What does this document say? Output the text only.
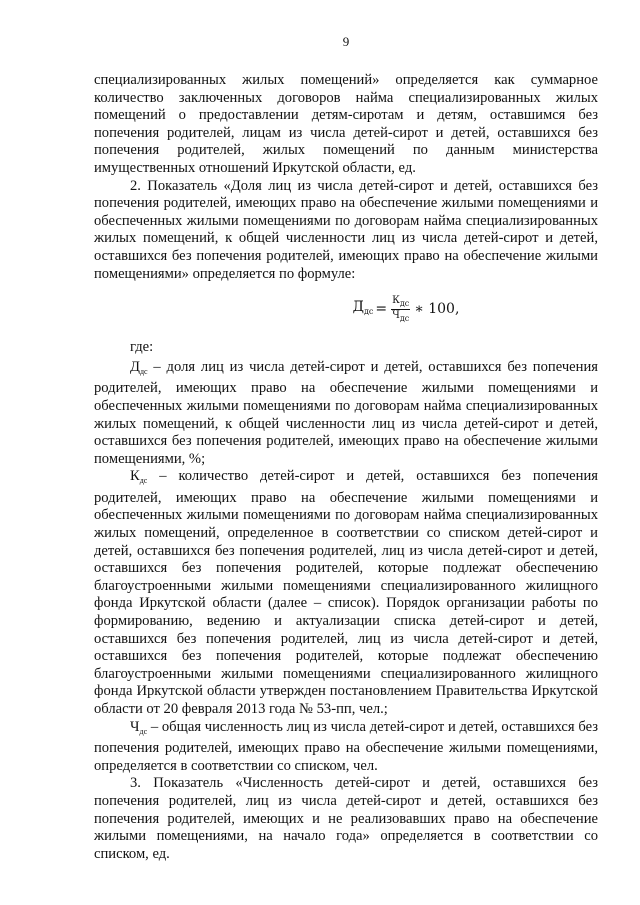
9

специализированных жилых помещений» определяется как суммарное количество заключенных договоров найма специализированных жилых помещений о предоставлении детям-сиротам и детям, оставшимся без попечения родителей, лицам из числа детей-сирот и детей, оставшихся без попечения родителей, жилых помещений по данным министерства имущественных отношений Иркутской области, ед.

2. Показатель «Доля лиц из числа детей-сирот и детей, оставшихся без попечения родителей, имеющих право на обеспечение жилыми помещениями и обеспеченных жилыми помещениями по договорам найма специализированных жилых помещений, к общей численности лиц из числа детей-сирот и детей, оставшихся без попечения родителей, имеющих право на обеспечение жилыми помещениями» определяется по формуле:

$Д_{дс} = \frac{К_{дс}}{Ч_{дс}}$ ∗ 100,

где:

$Д_{дс}$ – доля лиц из числа детей-сирот и детей, оставшихся без попечения родителей, имеющих право на обеспечение жилыми помещениями и обеспеченных жилыми помещениями по договорам найма специализированных жилых помещений, к общей численности лиц из числа детей-сирот и детей, оставшихся без попечения родителей, имеющих право на обеспечение жилыми помещениями, %;

$К_{дс}$ – количество детей-сирот и детей, оставшихся без попечения родителей, имеющих право на обеспечение жилыми помещениями и обеспеченных жилыми помещениями по договорам найма специализированных жилых помещений, определенное в соответствии со списком детей-сирот и детей, оставшихся без попечения родителей, лиц из числа детей-сирот и детей, оставшихся без попечения родителей, которые подлежат обеспечению благоустроенными жилыми помещениями специализированного жилищного фонда Иркутской области (далее – список). Порядок организации работы по формированию, ведению и актуализации списка детей-сирот и детей, оставшихся без попечения родителей, лиц из числа детей-сирот и детей, оставшихся без попечения родителей, которые подлежат обеспечению благоустроенными жилыми помещениями специализированного жилищного фонда Иркутской области утвержден постановлением Правительства Иркутской области от 20 февраля 2013 года № 53-пп, чел.;

$Ч_{дс}$ – общая численность лиц из числа детей-сирот и детей, оставшихся без попечения родителей, имеющих право на обеспечение жилыми помещениями, определяется в соответствии со списком, чел.

3. Показатель «Численность детей-сирот и детей, оставшихся без попечения родителей, лиц из числа детей-сирот и детей, оставшихся без попечения родителей, имеющих и не реализовавших право на обеспечение жилыми помещениями, на начало года» определяется в соответствии со списком, ед.
